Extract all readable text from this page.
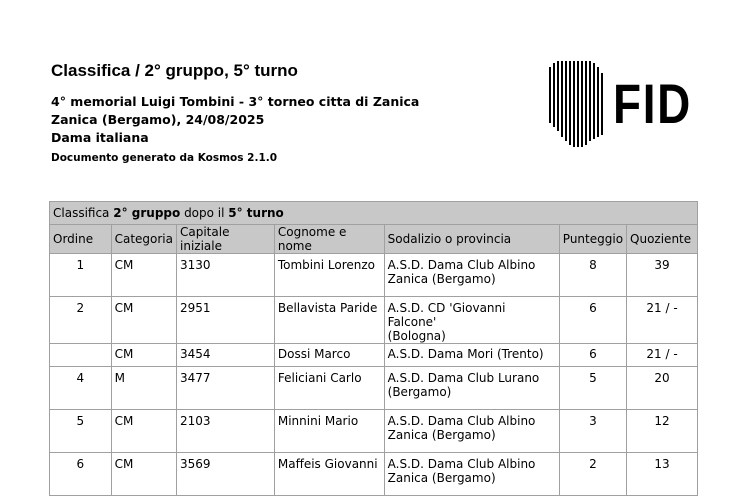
Classifica / 2° gruppo, 5° turno
4° memorial Luigi Tombini - 3° torneo citta di Zanica
Zanica (Bergamo), 24/08/2025
Dama italiana
Documento generato da Kosmos 2.1.0
FID
Classifica 2° gruppo dopo il 5° turno						
Ordine	Categoria	Capitale iniziale	Cognome e nome	Sodalizio o provincia	Punteggio	Quoziente
1	CM	3130	Tombini Lorenzo	A.S.D. Dama Club Albino
Zanica (Bergamo)	8	39
2	CM	2951	Bellavista Paride	A.S.D. CD 'Giovanni Falcone'
(Bologna)	6	21 / -
	CM	3454	Dossi Marco	A.S.D. Dama Mori (Trento)	6	21 / -
4	M	3477	Feliciani Carlo	A.S.D. Dama Club Lurano
(Bergamo)	5	20
5	CM	2103	Minnini Mario	A.S.D. Dama Club Albino
Zanica (Bergamo)	3	12
6	CM	3569	Maffeis Giovanni	A.S.D. Dama Club Albino
Zanica (Bergamo)	2	13
